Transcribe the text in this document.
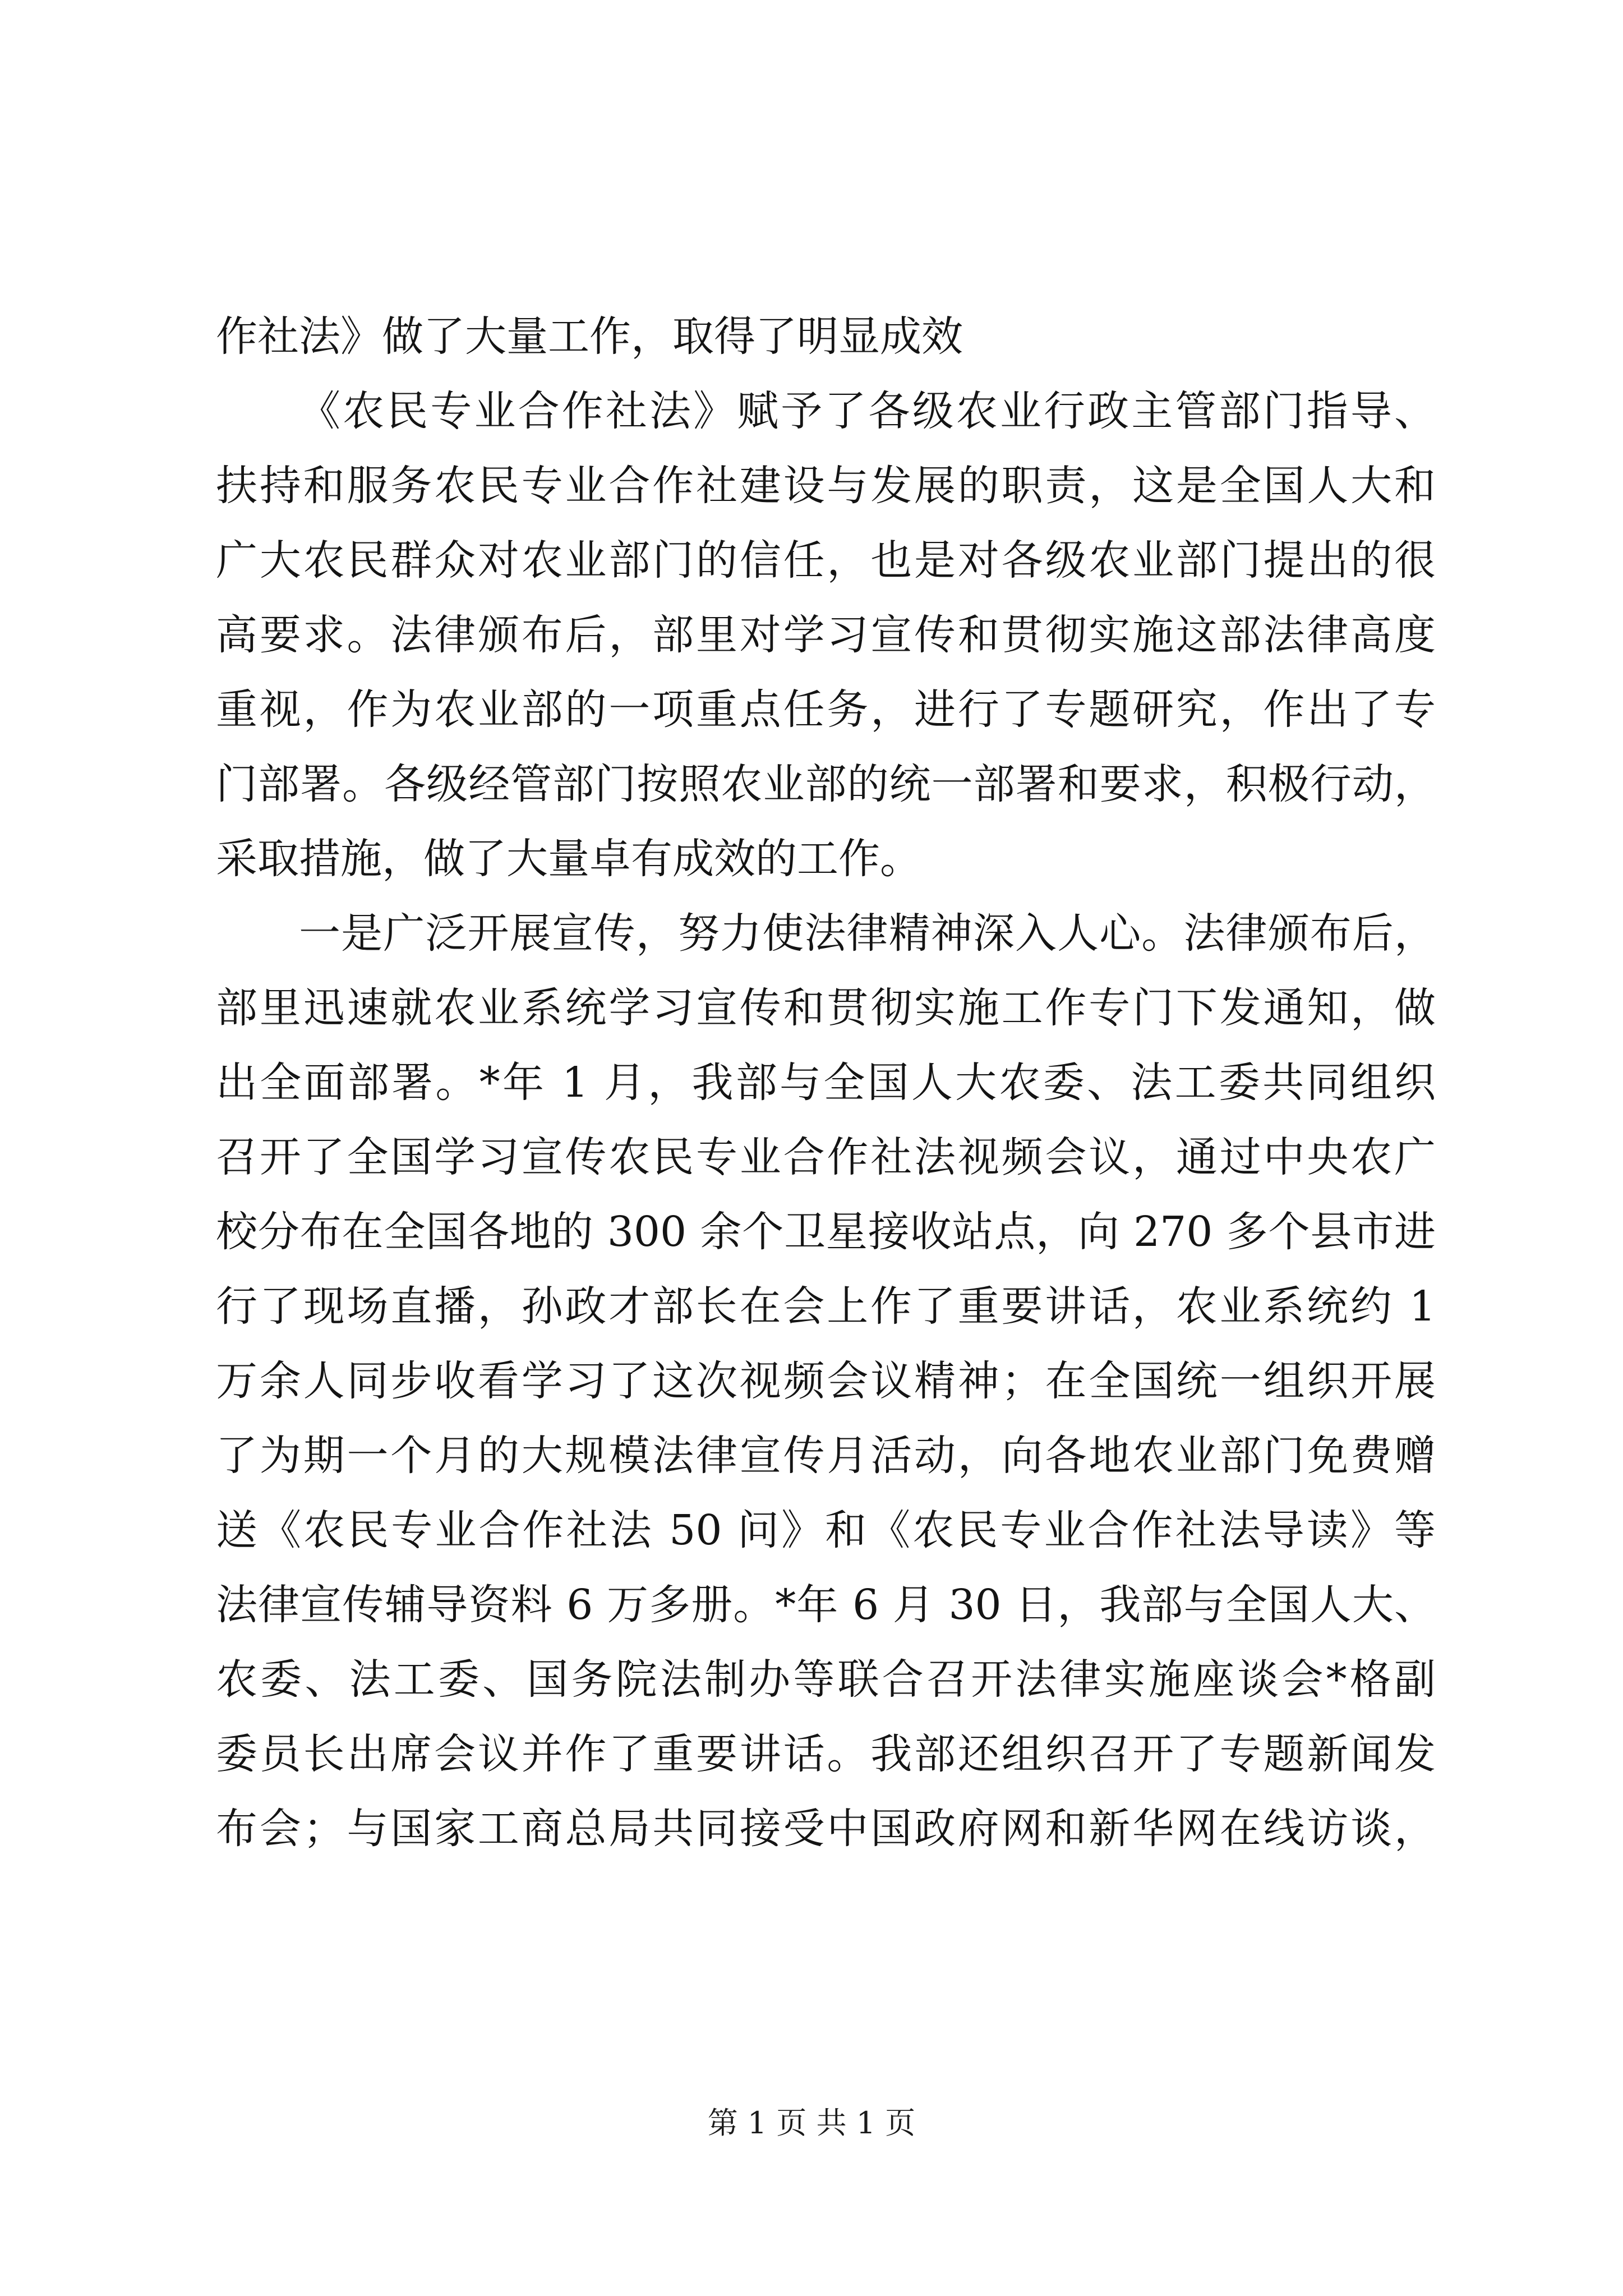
作社法》做了大量工作，取得了明显成效
《农民专业合作社法》赋予了各级农业行政主管部门指导、
扶持和服务农民专业合作社建设与发展的职责，这是全国人大和
广大农民群众对农业部门的信任，也是对各级农业部门提出的很
高要求。法律颁布后，部里对学习宣传和贯彻实施这部法律高度
重视，作为农业部的一项重点任务，进行了专题研究，作出了专
门部署。各级经管部门按照农业部的统一部署和要求，积极行动，
采取措施，做了大量卓有成效的工作。
一是广泛开展宣传，努力使法律精神深入人心。法律颁布后，
部里迅速就农业系统学习宣传和贯彻实施工作专门下发通知，做
出全面部署。*年 1 月，我部与全国人大农委、法工委共同组织
召开了全国学习宣传农民专业合作社法视频会议，通过中央农广
校分布在全国各地的 300 余个卫星接收站点，向 270 多个县市进
行了现场直播，孙政才部长在会上作了重要讲话，农业系统约 1
万余人同步收看学习了这次视频会议精神；在全国统一组织开展
了为期一个月的大规模法律宣传月活动，向各地农业部门免费赠
送《农民专业合作社法 50 问》和《农民专业合作社法导读》等
法律宣传辅导资料 6 万多册。*年 6 月 30 日，我部与全国人大、
农委、法工委、国务院法制办等联合召开法律实施座谈会*格副
委员长出席会议并作了重要讲话。我部还组织召开了专题新闻发
布会；与国家工商总局共同接受中国政府网和新华网在线访谈，
第 1 页 共 1 页
